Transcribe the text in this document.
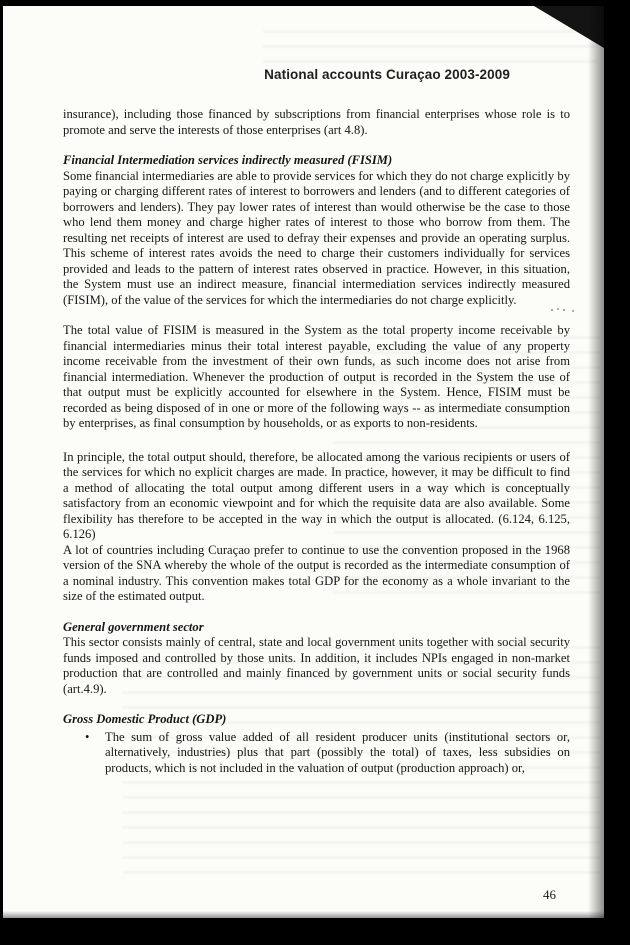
National accounts Curaçao 2003-2009
insurance), including those financed by subscriptions from financial enterprises whose role is to promote and serve the interests of those enterprises (art 4.8).
Financial Intermediation services indirectly measured (FISIM)
Some financial intermediaries are able to provide services for which they do not charge explicitly by paying or charging different rates of interest to borrowers and lenders (and to different categories of borrowers and lenders). They pay lower rates of interest than would otherwise be the case to those who lend them money and charge higher rates of interest to those who borrow from them. The resulting net receipts of interest are used to defray their expenses and provide an operating surplus. This scheme of interest rates avoids the need to charge their customers individually for services provided and leads to the pattern of interest rates observed in practice. However, in this situation, the System must use an indirect measure, financial intermediation services indirectly measured (FISIM), of the value of the services for which the intermediaries do not charge explicitly.
The total value of FISIM is measured in the System as the total property income receivable by financial intermediaries minus their total interest payable, excluding the value of any property income receivable from the investment of their own funds, as such income does not arise from financial intermediation. Whenever the production of output is recorded in the System the use of that output must be explicitly accounted for elsewhere in the System. Hence, FISIM must be recorded as being disposed of in one or more of the following ways -- as intermediate consumption by enterprises, as final consumption by households, or as exports to non-residents.
In principle, the total output should, therefore, be allocated among the various recipients or users of the services for which no explicit charges are made. In practice, however, it may be difficult to find a method of allocating the total output among different users in a way which is conceptually satisfactory from an economic viewpoint and for which the requisite data are also available. Some flexibility has therefore to be accepted in the way in which the output is allocated. (6.124, 6.125, 6.126)
A lot of countries including Curaçao prefer to continue to use the convention proposed in the 1968 version of the SNA whereby the whole of the output is recorded as the intermediate consumption of a nominal industry. This convention makes total GDP for the economy as a whole invariant to the size of the estimated output.
General government sector
This sector consists mainly of central, state and local government units together with social security funds imposed and controlled by those units. In addition, it includes NPIs engaged in non-market production that are controlled and mainly financed by government units or social security funds (art.4.9).
Gross Domestic Product (GDP)
• The sum of gross value added of all resident producer units (institutional sectors or, alternatively, industries) plus that part (possibly the total) of taxes, less subsidies on products, which is not included in the valuation of output (production approach) or,
46
